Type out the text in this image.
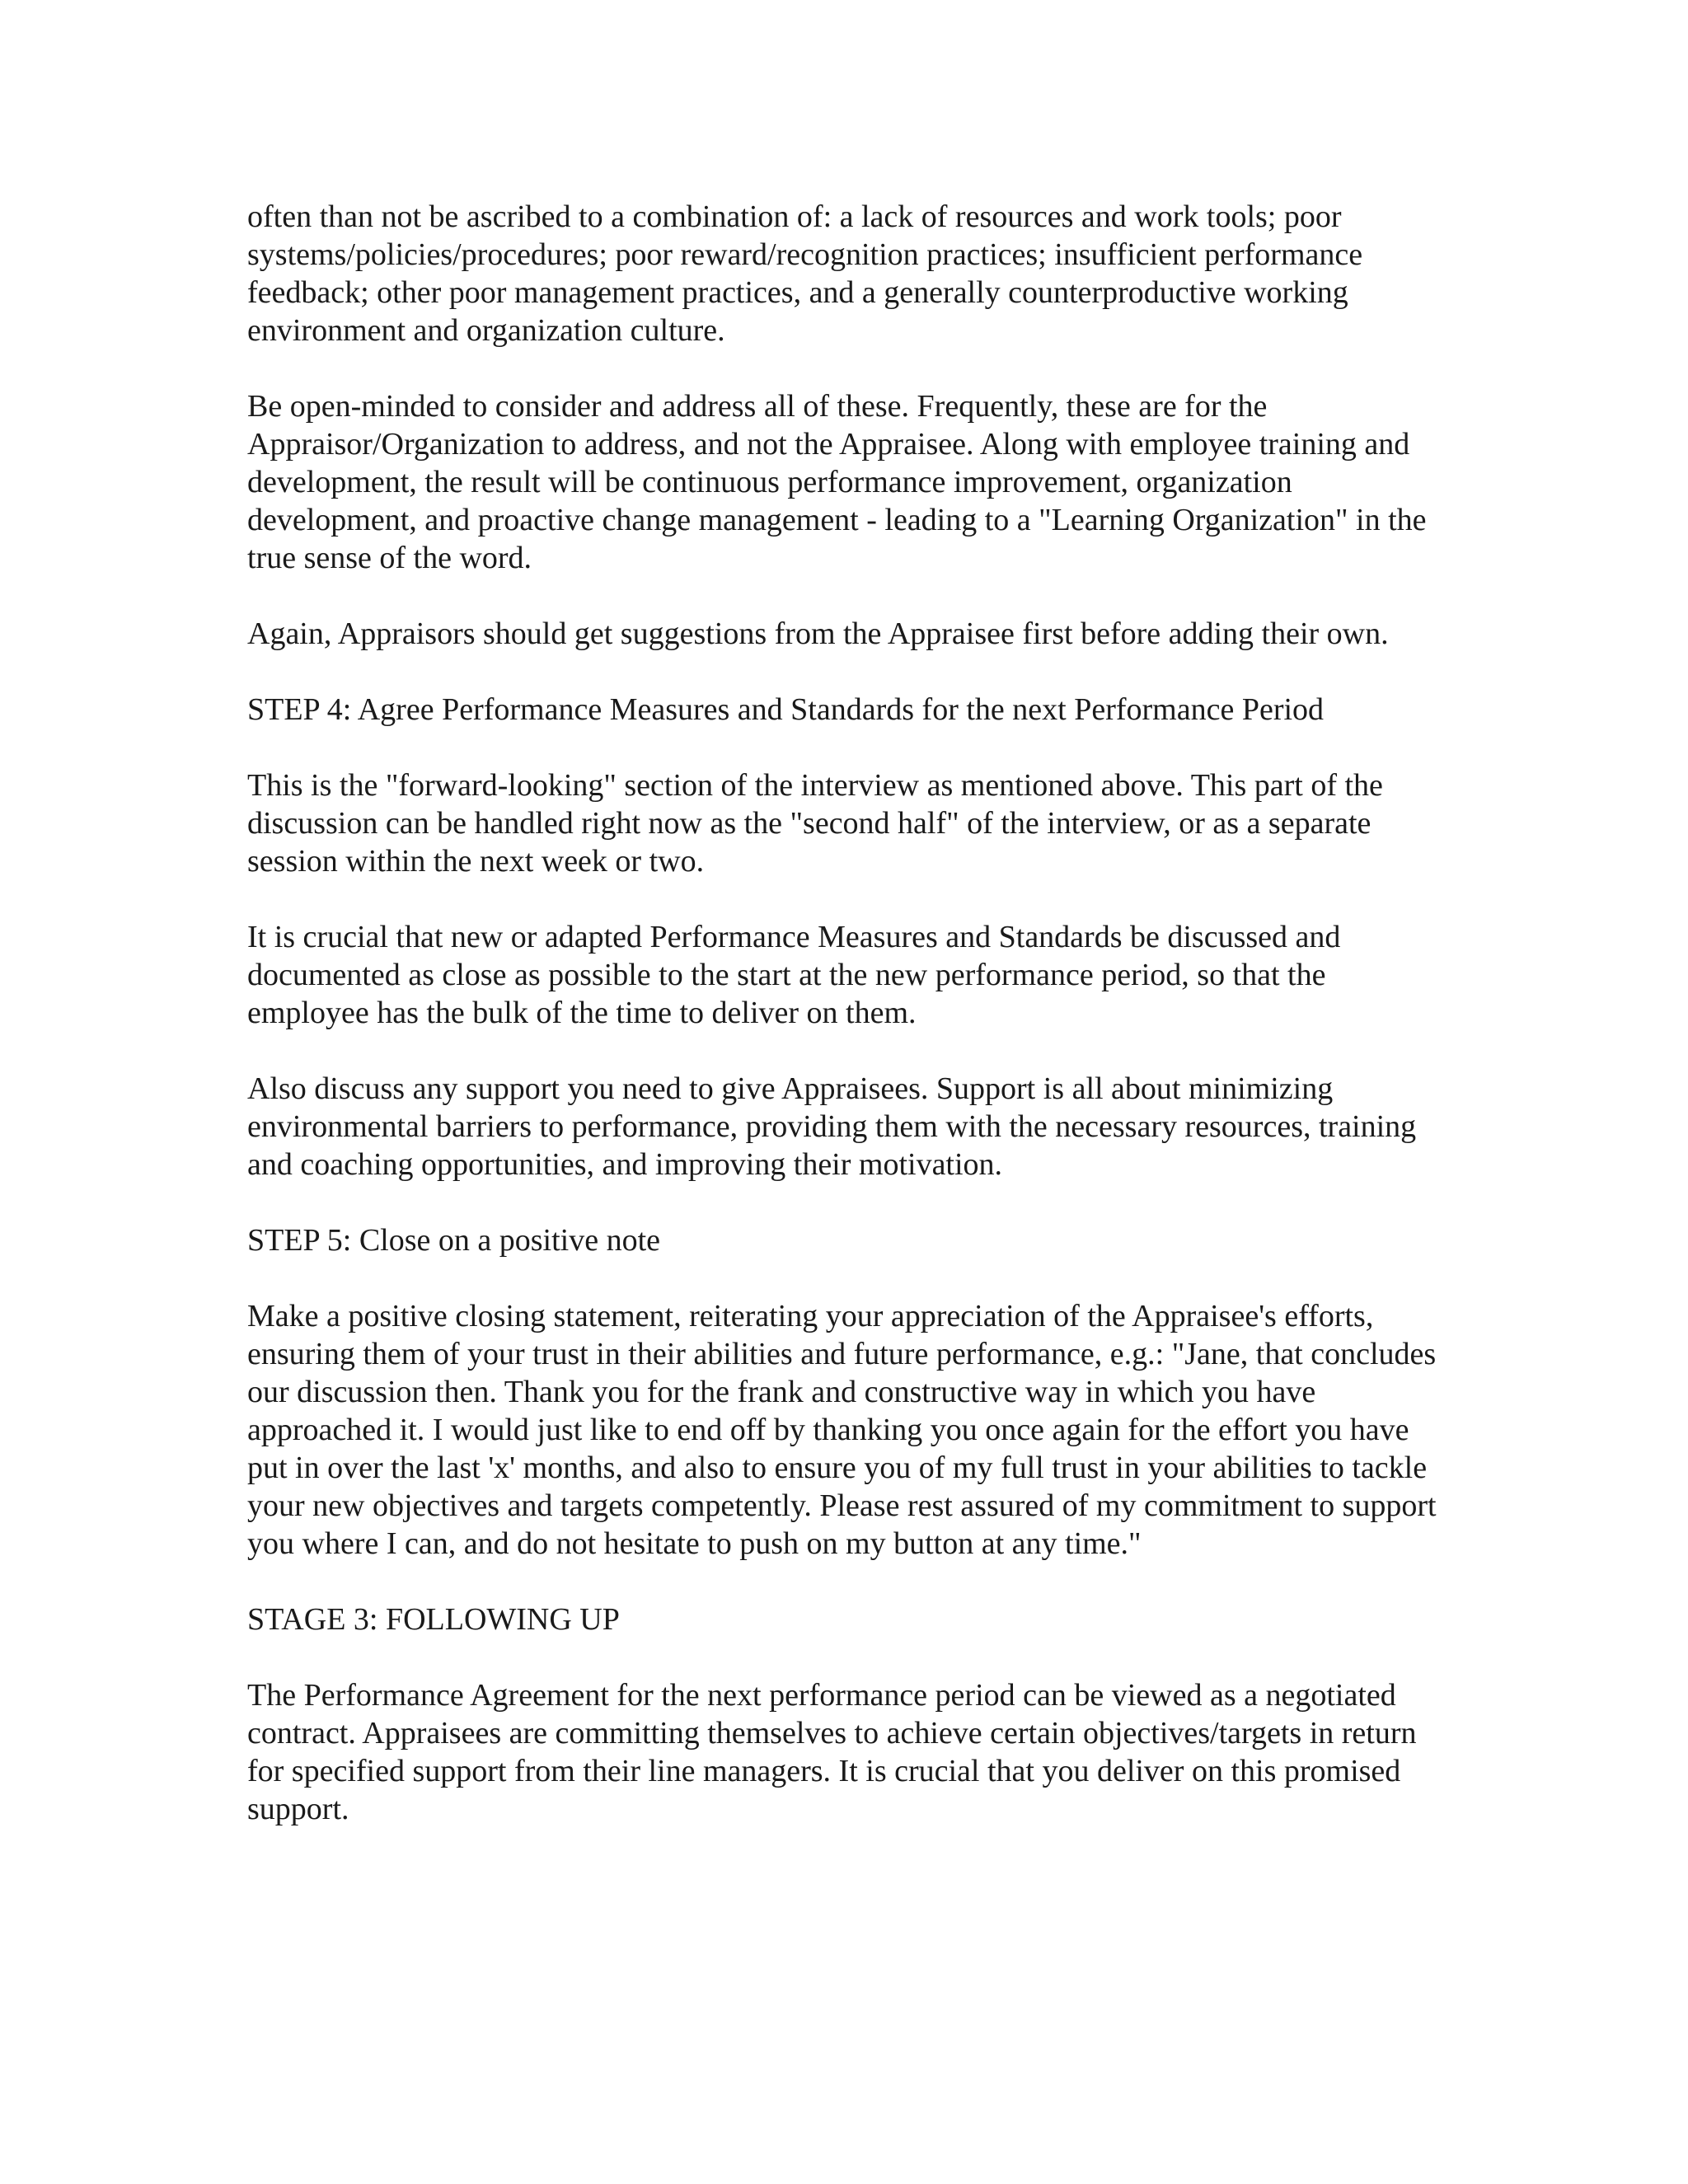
often than not be ascribed to a combination of: a lack of resources and work tools; poor systems/policies/procedures; poor reward/recognition practices; insufficient performance feedback; other poor management practices, and a generally counterproductive working environment and organization culture.

Be open-minded to consider and address all of these. Frequently, these are for the Appraisor/Organization to address, and not the Appraisee. Along with employee training and development, the result will be continuous performance improvement, organization development, and proactive change management - leading to a "Learning Organization" in the true sense of the word.

Again, Appraisors should get suggestions from the Appraisee first before adding their own.

STEP 4: Agree Performance Measures and Standards for the next Performance Period

This is the "forward-looking" section of the interview as mentioned above. This part of the discussion can be handled right now as the "second half" of the interview, or as a separate session within the next week or two.

It is crucial that new or adapted Performance Measures and Standards be discussed and documented as close as possible to the start at the new performance period, so that the employee has the bulk of the time to deliver on them.

Also discuss any support you need to give Appraisees. Support is all about minimizing environmental barriers to performance, providing them with the necessary resources, training and coaching opportunities, and improving their motivation.

STEP 5: Close on a positive note

Make a positive closing statement, reiterating your appreciation of the Appraisee's efforts, ensuring them of your trust in their abilities and future performance, e.g.: "Jane, that concludes our discussion then. Thank you for the frank and constructive way in which you have approached it. I would just like to end off by thanking you once again for the effort you have put in over the last 'x' months, and also to ensure you of my full trust in your abilities to tackle your new objectives and targets competently. Please rest assured of my commitment to support you where I can, and do not hesitate to push on my button at any time."

STAGE 3: FOLLOWING UP

The Performance Agreement for the next performance period can be viewed as a negotiated contract. Appraisees are committing themselves to achieve certain objectives/targets in return for specified support from their line managers. It is crucial that you deliver on this promised support.
